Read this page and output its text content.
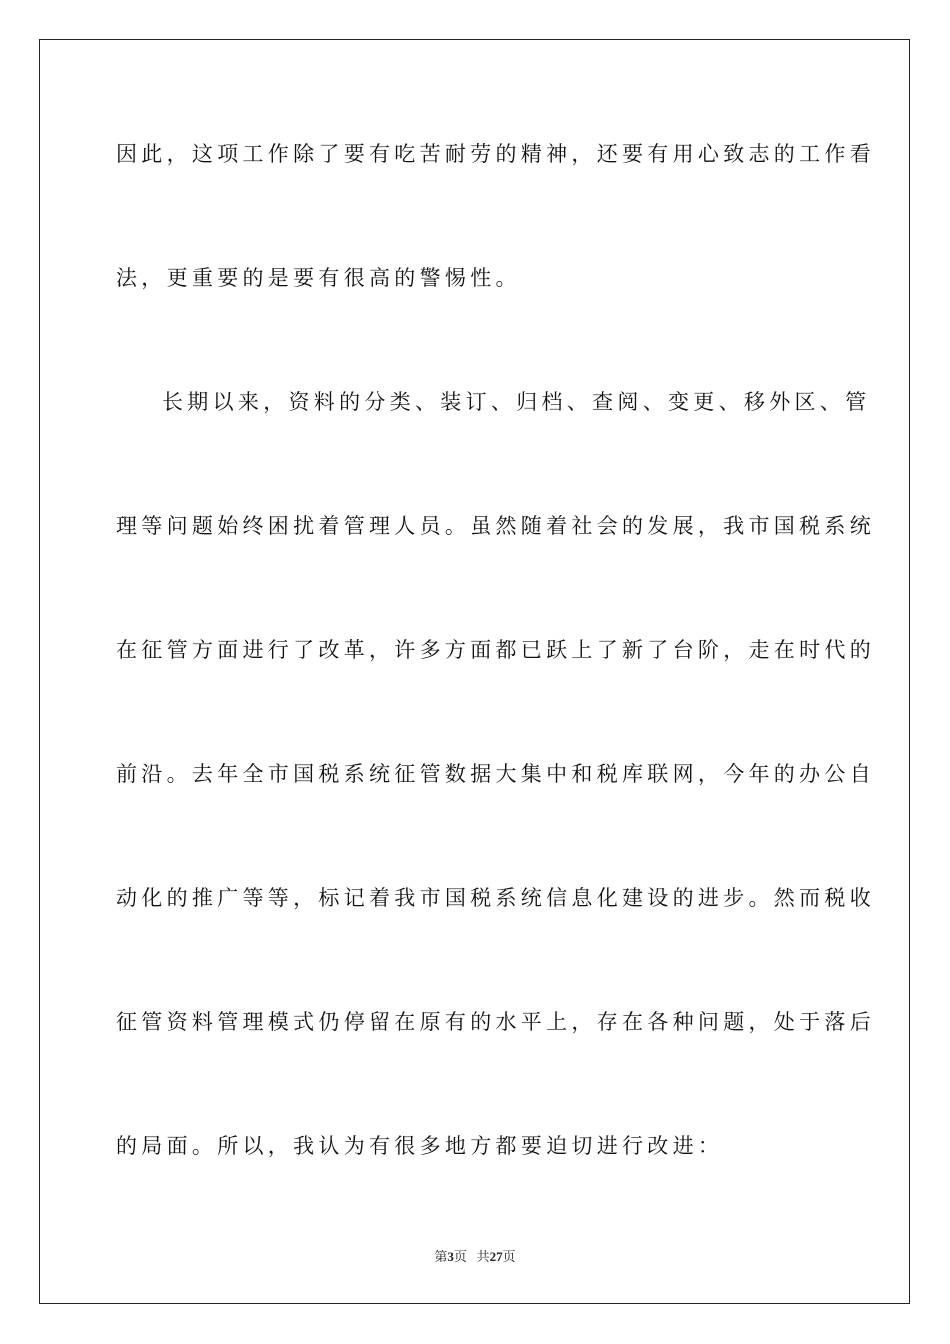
因此，这项工作除了要有吃苦耐劳的精神，还要有用心致志的工作看
法，更重要的是要有很高的警惕性。
长期以来，资料的分类、装订、归档、查阅、变更、移外区、管
理等问题始终困扰着管理人员。虽然随着社会的发展，我市国税系统
在征管方面进行了改革，许多方面都已跃上了新了台阶，走在时代的
前沿。去年全市国税系统征管数据大集中和税库联网，今年的办公自
动化的推广等等，标记着我市国税系统信息化建设的进步。然而税收
征管资料管理模式仍停留在原有的水平上，存在各种问题，处于落后
的局面。所以，我认为有很多地方都要迫切进行改进：
第3页 共27页
